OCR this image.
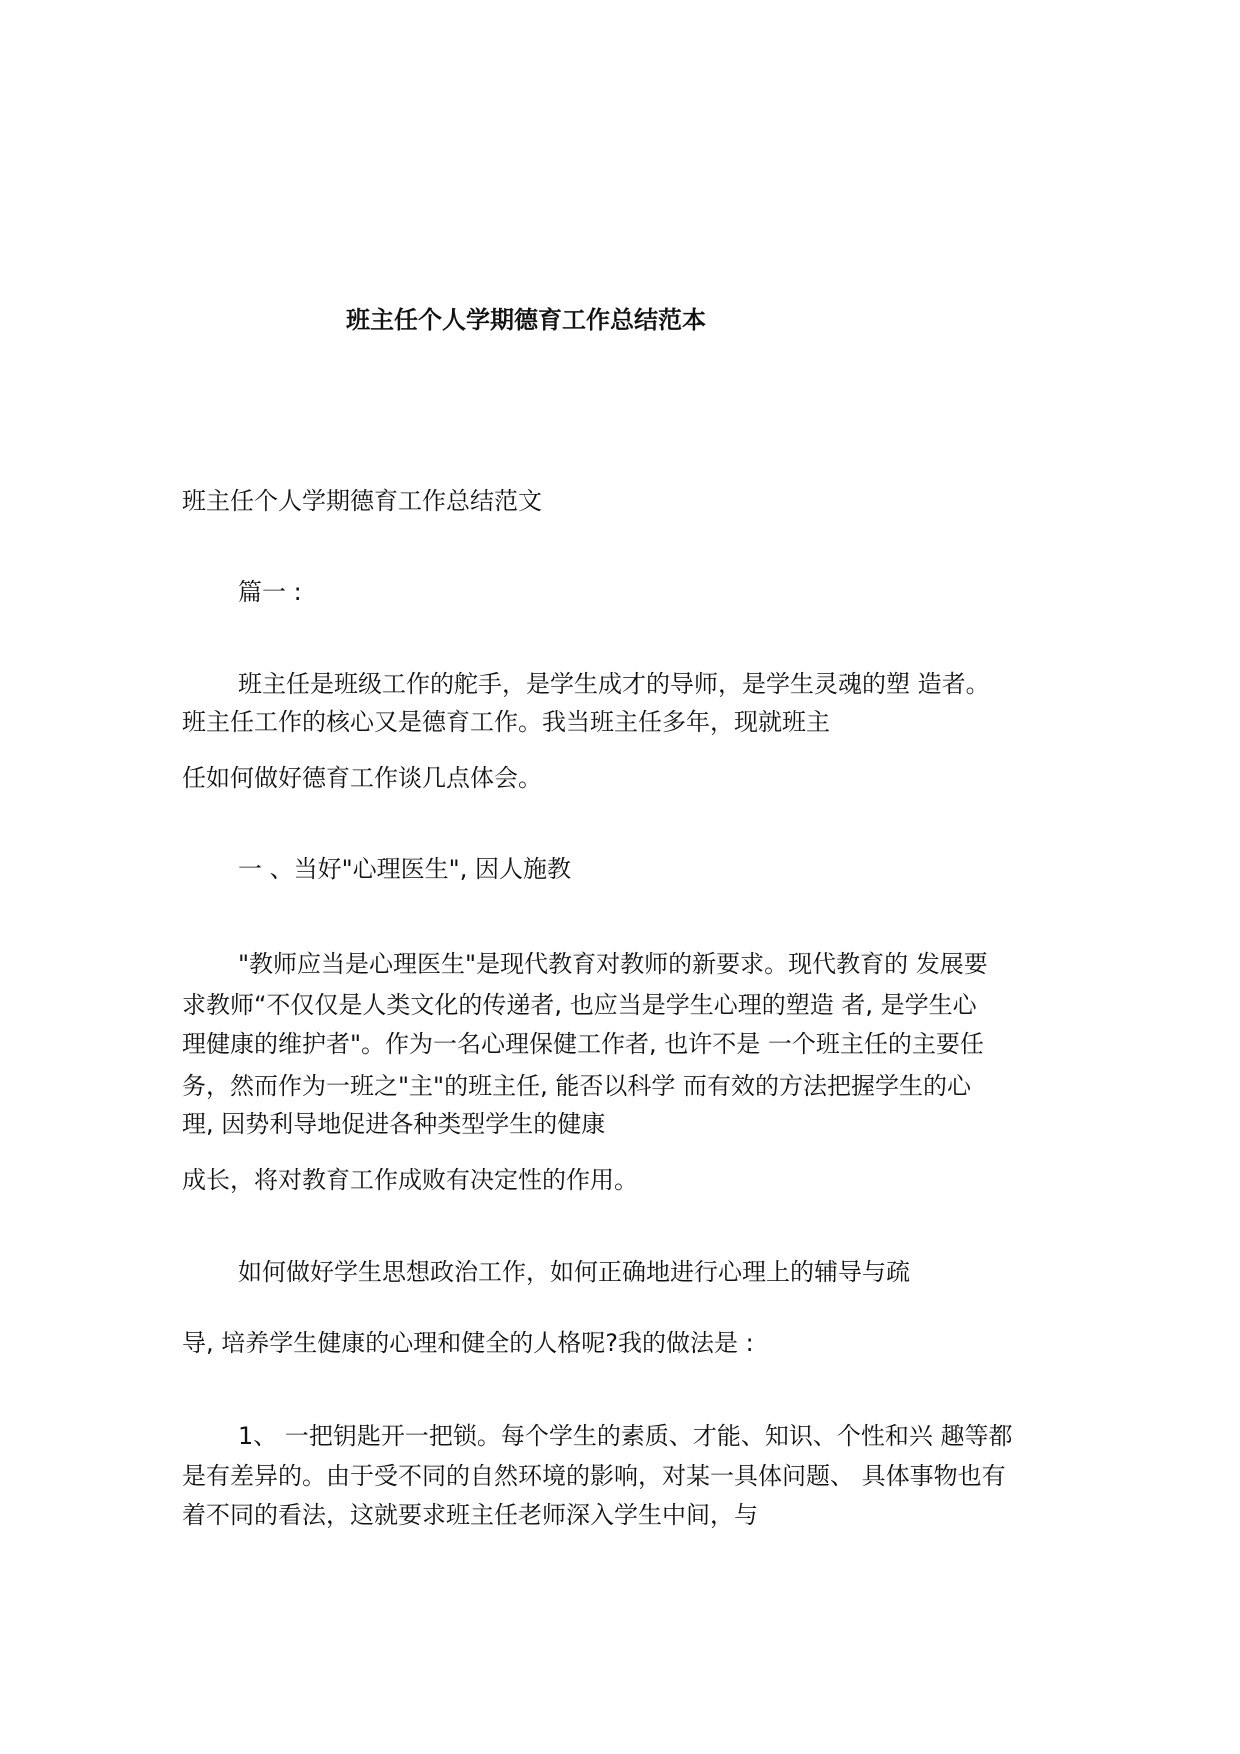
班主任个人学期德育工作总结范本
班主任个人学期德育工作总结范文
篇一 :
班主任是班级工作的舵手，是学生成才的导师，是学生灵魂的塑 造者。
班主任工作的核心又是德育工作。我当班主任多年，现就班主
任如何做好德育工作谈几点体会。
一 、当好"心理医生", 因人施教
"教师应当是心理医生"是现代教育对教师的新要求。现代教育的 发展要
求教师“不仅仅是人类文化的传递者, 也应当是学生心理的塑造 者, 是学生心
理健康的维护者"。作为一名心理保健工作者, 也许不是 一个班主任的主要任
务，然而作为一班之"主"的班主任, 能否以科学 而有效的方法把握学生的心
理, 因势利导地促进各种类型学生的健康
成长，将对教育工作成败有决定性的作用。
如何做好学生思想政治工作，如何正确地进行心理上的辅导与疏
导, 培养学生健康的心理和健全的人格呢?我的做法是 :
1、 一把钥匙开一把锁。每个学生的素质、才能、知识、个性和兴 趣等都
是有差异的。由于受不同的自然环境的影响，对某一具体问题、 具体事物也有
着不同的看法，这就要求班主任老师深入学生中间，与
